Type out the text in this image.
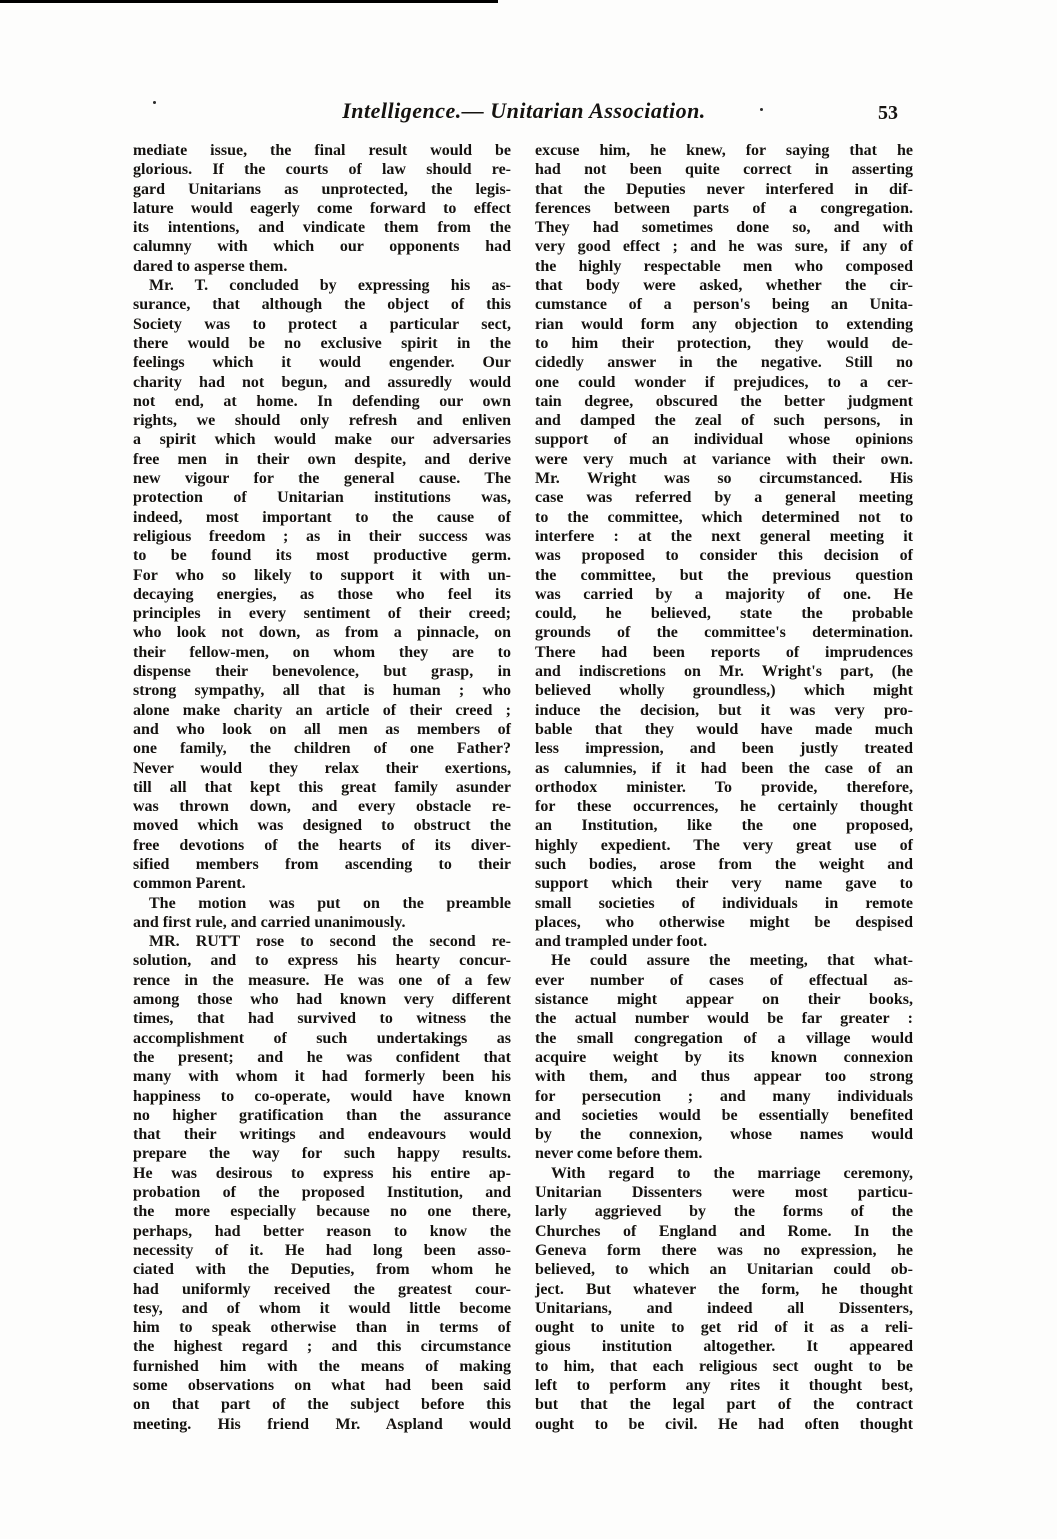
Intelligence.— Unitarian Association.	53
mediate issue, the final result would be
glorious. If the courts of law should re-
gard Unitarians as unprotected, the legis-
lature would eagerly come forward to effect
its intentions, and vindicate them from the
calumny with which our opponents had
dared to asperse them.
Mr. T. concluded by expressing his as-
surance, that although the object of this
Society was to protect a particular sect,
there would be no exclusive spirit in the
feelings which it would engender. Our
charity had not begun, and assuredly would
not end, at home. In defending our own
rights, we should only refresh and enliven
a spirit which would make our adversaries
free men in their own despite, and derive
new vigour for the general cause. The
protection of Unitarian institutions was,
indeed, most important to the cause of
religious freedom ; as in their success was
to be found its most productive germ.
For who so likely to support it with un-
decaying energies, as those who feel its
principles in every sentiment of their creed;
who look not down, as from a pinnacle, on
their fellow-men, on whom they are to
dispense their benevolence, but grasp, in
strong sympathy, all that is human ; who
alone make charity an article of their creed ;
and who look on all men as members of
one family, the children of one Father?
Never would they relax their exertions,
till all that kept this great family asunder
was thrown down, and every obstacle re-
moved which was designed to obstruct the
free devotions of the hearts of its diver-
sified members from ascending to their
common Parent.
The motion was put on the preamble
and first rule, and carried unanimously.
MR. RUTT rose to second the second re-
solution, and to express his hearty concur-
rence in the measure. He was one of a few
among those who had known very different
times, that had survived to witness the
accomplishment of such undertakings as
the present; and he was confident that
many with whom it had formerly been his
happiness to co-operate, would have known
no higher gratification than the assurance
that their writings and endeavours would
prepare the way for such happy results.
He was desirous to express his entire ap-
probation of the proposed Institution, and
the more especially because no one there,
perhaps, had better reason to know the
necessity of it. He had long been asso-
ciated with the Deputies, from whom he
had uniformly received the greatest cour-
tesy, and of whom it would little become
him to speak otherwise than in terms of
the highest regard ; and this circumstance
furnished him with the means of making
some observations on what had been said
on that part of the subject before this
meeting. His friend Mr. Aspland would
excuse him, he knew, for saying that he
had not been quite correct in asserting
that the Deputies never interfered in dif-
ferences between parts of a congregation.
They had sometimes done so, and with
very good effect ; and he was sure, if any of
the highly respectable men who composed
that body were asked, whether the cir-
cumstance of a person's being an Unita-
rian would form any objection to extending
to him their protection, they would de-
cidedly answer in the negative. Still no
one could wonder if prejudices, to a cer-
tain degree, obscured the better judgment
and damped the zeal of such persons, in
support of an individual whose opinions
were very much at variance with their own.
Mr. Wright was so circumstanced. His
case was referred by a general meeting
to the committee, which determined not to
interfere : at the next general meeting it
was proposed to consider this decision of
the committee, but the previous question
was carried by a majority of one. He
could, he believed, state the probable
grounds of the committee's determination.
There had been reports of imprudences
and indiscretions on Mr. Wright's part, (he
believed wholly groundless,) which might
induce the decision, but it was very pro-
bable that they would have made much
less impression, and been justly treated
as calumnies, if it had been the case of an
orthodox minister. To provide, therefore,
for these occurrences, he certainly thought
an Institution, like the one proposed,
highly expedient. The very great use of
such bodies, arose from the weight and
support which their very name gave to
small societies of individuals in remote
places, who otherwise might be despised
and trampled under foot.
He could assure the meeting, that what-
ever number of cases of effectual as-
sistance might appear on their books,
the actual number would be far greater :
the small congregation of a village would
acquire weight by its known connexion
with them, and thus appear too strong
for persecution ; and many individuals
and societies would be essentially benefited
by the connexion, whose names would
never come before them.
With regard to the marriage ceremony,
Unitarian Dissenters were most particu-
larly aggrieved by the forms of the
Churches of England and Rome. In the
Geneva form there was no expression, he
believed, to which an Unitarian could ob-
ject. But whatever the form, he thought
Unitarians, and indeed all Dissenters,
ought to unite to get rid of it as a reli-
gious institution altogether. It appeared
to him, that each religious sect ought to be
left to perform any rites it thought best,
but that the legal part of the contract
ought to be civil. He had often thought
